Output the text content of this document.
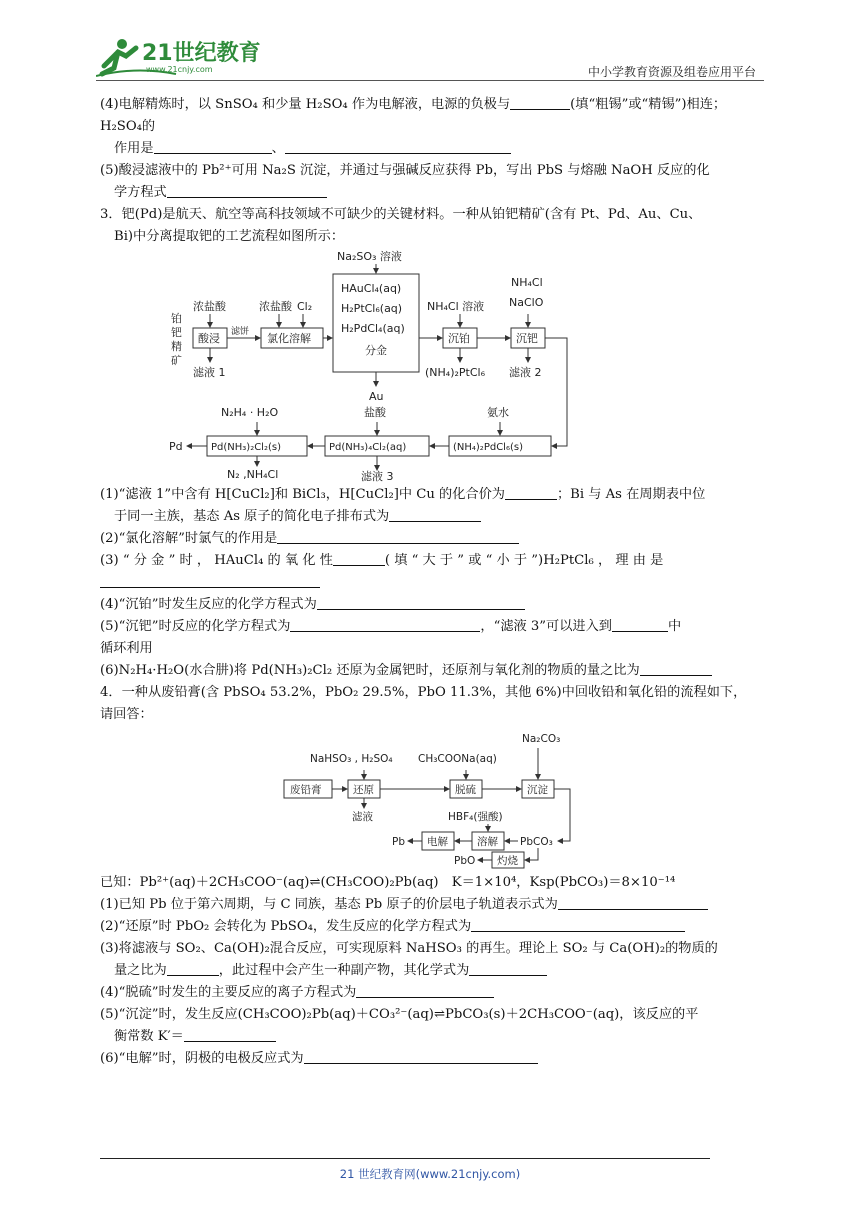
21世纪教育
www.21cnjy.com	中小学教育资源及组卷应用平台

(4)电解精炼时，以 SnSO₄ 和少量 H₂SO₄ 作为电解液，电源的负极与	(填“粗锡”或“精锡”)相连；H₂SO₄的

作用是	、

(5)酸浸滤液中的 Pb²⁺可用 Na₂S 沉淀，并通过与强碱反应获得 Pb，写出 PbS 与熔融 NaOH 反应的化

学方程式

3．钯(Pd)是航天、航空等高科技领域不可缺少的关键材料。一种从铂钯精矿(含有 Pt、Pd、Au、Cu、

Bi)中分离提取钯的工艺流程如图所示：

铂
钯
精
矿
酸浸
浓盐酸
滤液 1
滤饼
浓盐酸 Cl₂
氯化溶解
Na₂SO₃ 溶液
HAuCl₄(aq)
H₂PtCl₆(aq)
H₂PdCl₄(aq)
分金
Au
NH₄Cl 溶液
沉铂
(NH₄)₂PtCl₆
NH₄Cl
NaClO
沉钯
滤液 2
氨水
(NH₄)₂PdCl₆(s)
盐酸
Pd(NH₃)₄Cl₂(aq)
滤液 3
N₂H₄ · H₂O
Pd(NH₃)₂Cl₂(s)
Pd
N₂ ,NH₄Cl

(1)“滤液 1”中含有 H[CuCl₂]和 BiCl₃，H[CuCl₂]中 Cu 的化合价为	；Bi 与 As 在周期表中位

于同一主族，基态 As 原子的简化电子排布式为

(2)“氯化溶解”时氯气的作用是

(3) “ 分 金 ” 时 ， HAuCl₄ 的 氧 化 性	( 填 “ 大 于 ” 或 “ 小 于 ”)H₂PtCl₆ ， 理 由 是

(4)“沉铂”时发生反应的化学方程式为

(5)“沉钯”时反应的化学方程式为	，“滤液 3”可以进入到	中

循环利用

(6)N₂H₄·H₂O(水合肼)将 Pd(NH₃)₂Cl₂ 还原为金属钯时，还原剂与氧化剂的物质的量之比为

4．一种从废铅膏(含 PbSO₄ 53.2%，PbO₂ 29.5%，PbO 11.3%，其他 6%)中回收铅和氧化铅的流程如下，

请回答：

NaHSO₃ , H₂SO₄ CH₃COONa(aq)
Na₂CO₃
废铅膏	还原	脱硫	沉淀
滤液	HBF₄(强酸)
Pb 电解	溶解 PbCO₃
PbO 灼烧

已知：Pb²⁺(aq)＋2CH₃COO⁻(aq)⇌(CH₃COO)₂Pb(aq)　K＝1×10⁴，Ksp(PbCO₃)＝8×10⁻¹⁴

(1)已知 Pb 位于第六周期，与 C 同族，基态 Pb 原子的价层电子轨道表示式为

(2)“还原”时 PbO₂ 会转化为 PbSO₄，发生反应的化学方程式为

(3)将滤液与 SO₂、Ca(OH)₂混合反应，可实现原料 NaHSO₃ 的再生。理论上 SO₂ 与 Ca(OH)₂的物质的

量之比为	，此过程中会产生一种副产物，其化学式为

(4)“脱硫”时发生的主要反应的离子方程式为

(5)“沉淀”时，发生反应(CH₃COO)₂Pb(aq)＋CO₃²⁻(aq)⇌PbCO₃(s)＋2CH₃COO⁻(aq)，该反应的平

衡常数 K′＝

(6)“电解”时，阴极的电极反应式为

21 世纪教育网(www.21cnjy.com)
